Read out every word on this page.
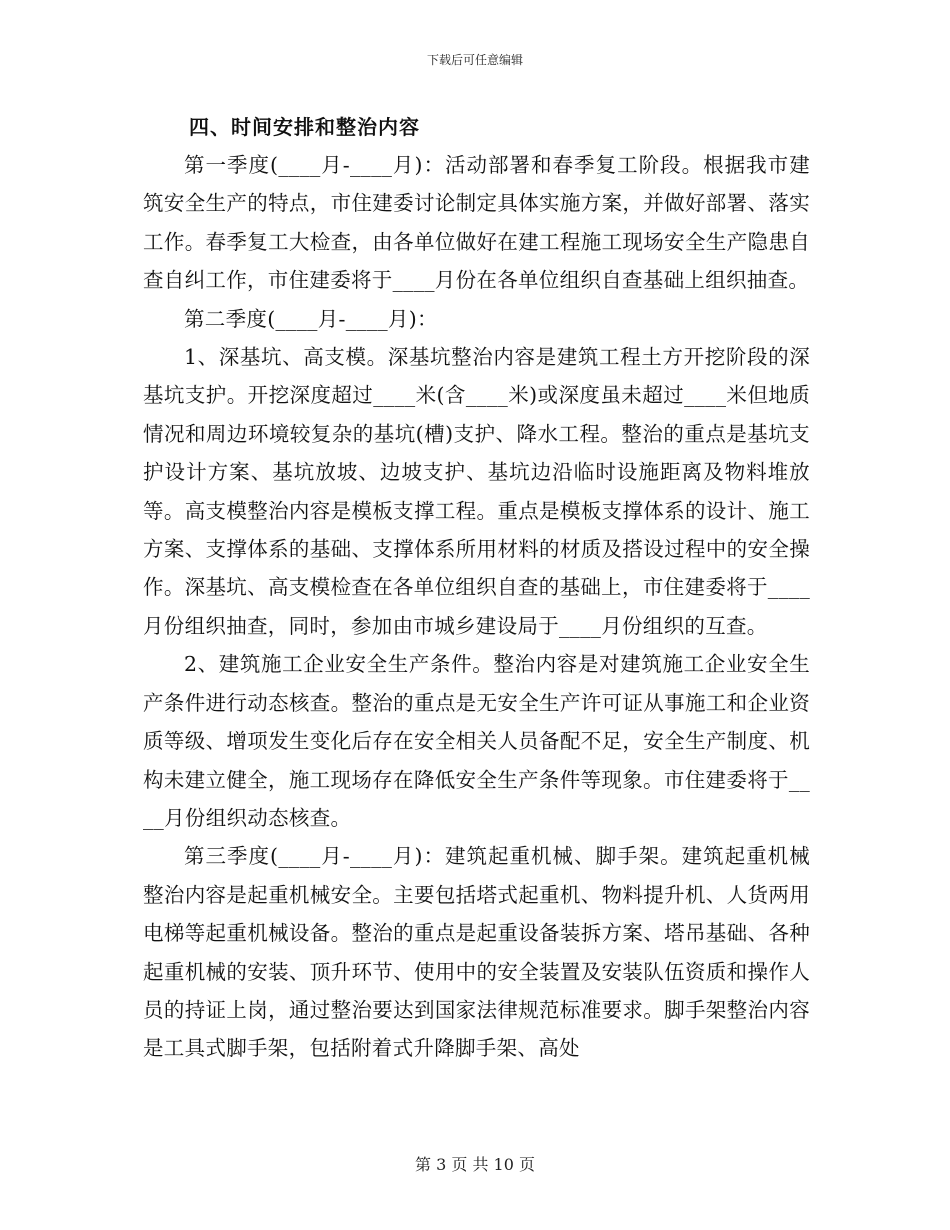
下载后可任意编辑
四、时间安排和整治内容

第一季度(____月-____月)：活动部署和春季复工阶段。根据我市建筑安全生产的特点，市住建委讨论制定具体实施方案，并做好部署、落实工作。春季复工大检查，由各单位做好在建工程施工现场安全生产隐患自查自纠工作，市住建委将于____月份在各单位组织自查基础上组织抽查。

第二季度(____月-____月)：

1、深基坑、高支模。深基坑整治内容是建筑工程土方开挖阶段的深基坑支护。开挖深度超过____米(含____米)或深度虽未超过____米但地质情况和周边环境较复杂的基坑(槽)支护、降水工程。整治的重点是基坑支护设计方案、基坑放坡、边坡支护、基坑边沿临时设施距离及物料堆放等。高支模整治内容是模板支撑工程。重点是模板支撑体系的设计、施工方案、支撑体系的基础、支撑体系所用材料的材质及搭设过程中的安全操作。深基坑、高支模检查在各单位组织自查的基础上，市住建委将于____月份组织抽查，同时，参加由市城乡建设局于____月份组织的互查。

2、建筑施工企业安全生产条件。整治内容是对建筑施工企业安全生产条件进行动态核查。整治的重点是无安全生产许可证从事施工和企业资质等级、增项发生变化后存在安全相关人员备配不足，安全生产制度、机构未建立健全，施工现场存在降低安全生产条件等现象。市住建委将于____月份组织动态核查。

第三季度(____月-____月)：建筑起重机械、脚手架。建筑起重机械整治内容是起重机械安全。主要包括塔式起重机、物料提升机、人货两用电梯等起重机械设备。整治的重点是起重设备装拆方案、塔吊基础、各种起重机械的安装、顶升环节、使用中的安全装置及安装队伍资质和操作人员的持证上岗，通过整治要达到国家法律规范标准要求。脚手架整治内容是工具式脚手架，包括附着式升降脚手架、高处

第 3 页 共 10 页
